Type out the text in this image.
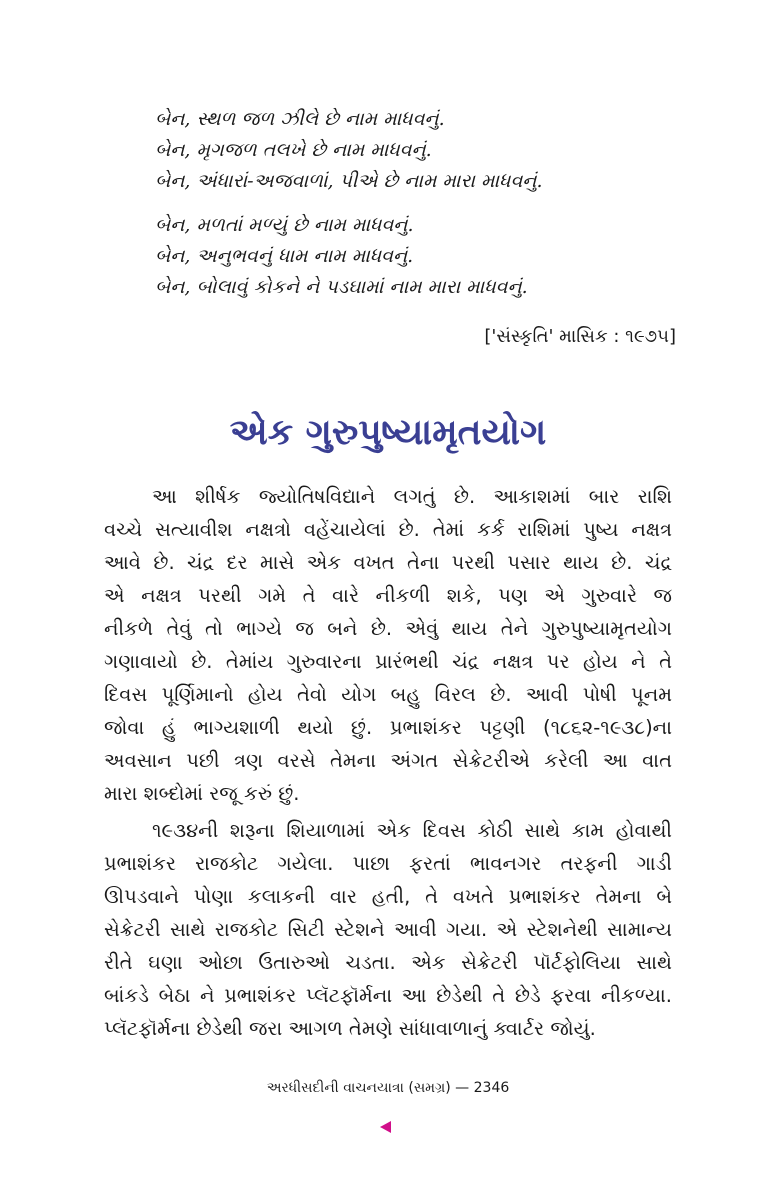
બેન, સ્થળ જળ ઝીલે છે નામ માધવનું.
બેન, મૃગજળ તલખે છે નામ માધવનું.
બેન, અંધારાં-અજવાળાં, પીએ છે નામ મારા માધવનું.
બેન, મળતાં મળ્યું છે નામ માધવનું.
બેન, અનુભવનું ધામ નામ માધવનું.
બેન, બોલાવું કોકને ને પડઘામાં નામ મારા માધવનું.
['સંસ્કૃતિ' માસિક : ૧૯૭૫]
એક ગુરુપુષ્યામૃતયોગ
આ શીર્ષક જ્યોતિષવિદ્યાને લગતું છે. આકાશમાં બાર રાશિ
વચ્ચે સત્યાવીશ નક્ષત્રો વહેંચાયેલાં છે. તેમાં કર્ક રાશિમાં પુષ્ય નક્ષત્ર
આવે છે. ચંદ્ર દર માસે એક વખત તેના પરથી પસાર થાય છે. ચંદ્ર
એ નક્ષત્ર પરથી ગમે તે વારે નીકળી શકે, પણ એ ગુરુવારે જ
નીકળે તેવું તો ભાગ્યે જ બને છે. એવું થાય તેને ગુરુપુષ્યામૃતયોગ
ગણાવાયો છે. તેમાંય ગુરુવારના પ્રારંભથી ચંદ્ર નક્ષત્ર પર હોય ને તે
દિવસ પૂર્ણિમાનો હોય તેવો યોગ બહુ વિરલ છે. આવી પોષી પૂનમ
જોવા હું ભાગ્યશાળી થયો છું. પ્રભાશંકર પટ્ટણી (૧૮૬૨-૧૯૩૮)ના
અવસાન પછી ત્રણ વરસે તેમના અંગત સેક્રેટરીએ કરેલી આ વાત
મારા શબ્દોમાં રજૂ કરું છું.
૧૯૩૪ની શરૂના શિયાળામાં એક દિવસ કોઠી સાથે કામ હોવાથી
પ્રભાશંકર રાજકોટ ગયેલા. પાછા ફરતાં ભાવનગર તરફની ગાડી
ઊપડવાને પોણા કલાકની વાર હતી, તે વખતે પ્રભાશંકર તેમના બે
સેક્રેટરી સાથે રાજકોટ સિટી સ્ટેશને આવી ગયા. એ સ્ટેશનેથી સામાન્ય
રીતે ઘણા ઓછા ઉતારુઓ ચડતા. એક સેક્રેટરી પૉર્ટફોલિયા સાથે
બાંકડે બેઠા ને પ્રભાશંકર પ્લૅટફૉર્મના આ છેડેથી તે છેડે ફરવા નીકળ્યા.
પ્લૅટફૉર્મના છેડેથી જરા આગળ તેમણે સાંધાવાળાનું ક્વાર્ટર જોયું.
અરધીસદીની વાચનયાત્રા (સમગ્ર) — 2346
